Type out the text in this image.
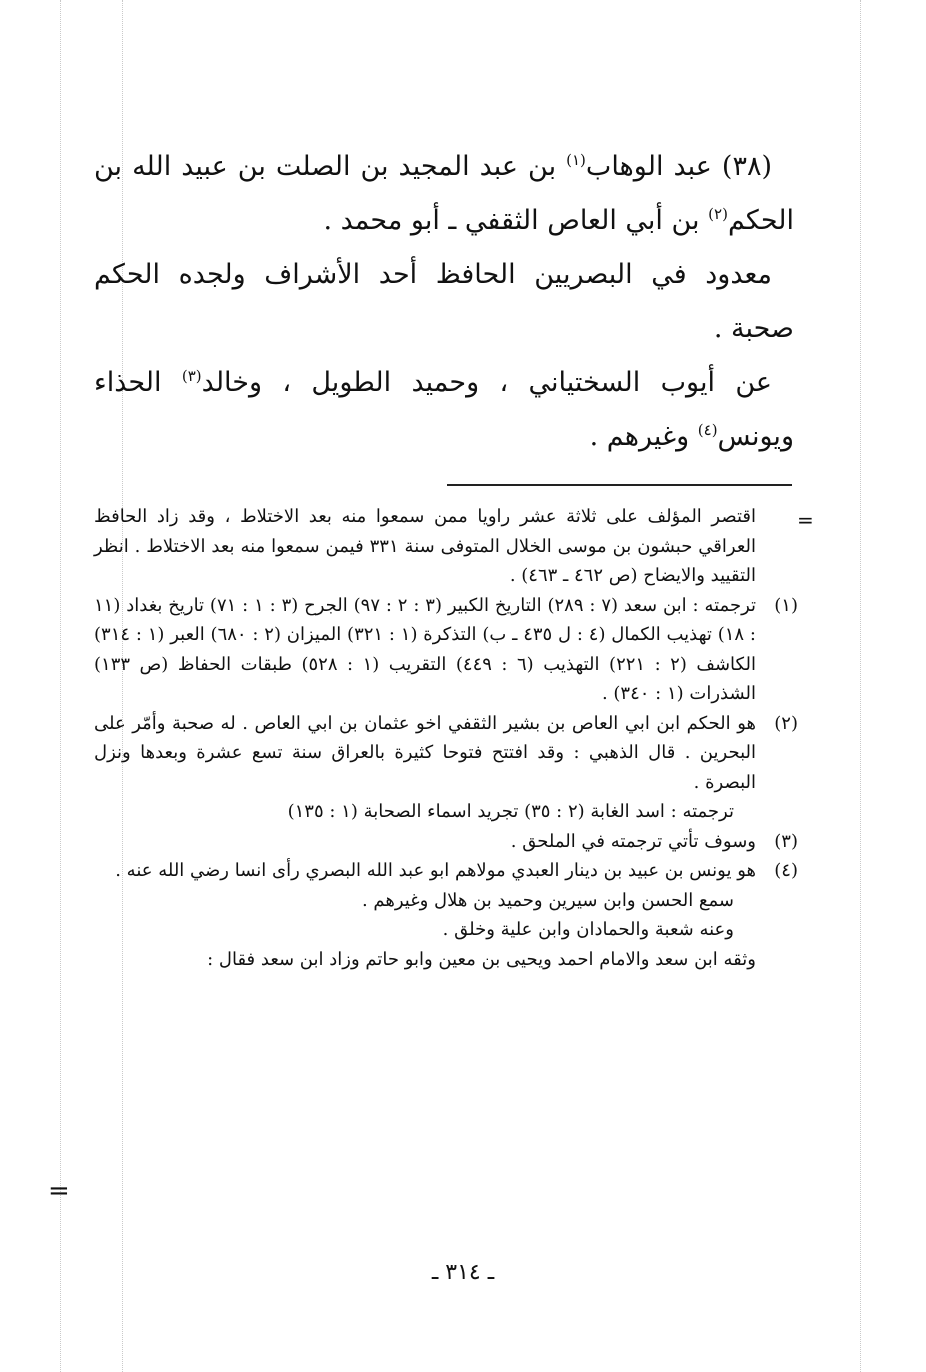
(٣٨) عبد الوهاب$^{(١)}$ بن عبد المجيد بن الصلت بن عبيد الله بن الحكم$^{(٢)}$ بن أبي العاص الثقفي ـ أبو محمد .

معدود في البصريين الحافظ أحد الأشراف ولجده الحكم صحبة .

عن أيوب السختياني ، وحميد الطويل ، وخالد$^{(٣)}$ الحذاء ويونس$^{(٤)}$ وغيرهم .

=

اقتصر المؤلف على ثلاثة عشر راويا ممن سمعوا منه بعد الاختلاط ، وقد زاد الحافظ العراقي حبشون بن موسى الخلال المتوفى سنة ٣٣١ فيمن سمعوا منه بعد الاختلاط . انظر التقييد والايضاح (ص ٤٦٢ ـ ٤٦٣) .

(١)
ترجمته : ابن سعد (٧ : ٢٨٩) التاريخ الكبير (٣ : ٢ : ٩٧) الجرح (٣ : ١ : ٧١) تاريخ بغداد (١١ : ١٨) تهذيب الكمال (٤ : ل ٤٣٥ ـ ب) التذكرة (١ : ٣٢١) الميزان (٢ : ٦٨٠) العبر (١ : ٣١٤) الكاشف (٢ : ٢٢١) التهذيب (٦ : ٤٤٩) التقريب (١ : ٥٢٨) طبقات الحفاظ (ص ١٣٣) الشذرات (١ : ٣٤٠) .

(٢)
هو الحكم ابن ابي العاص بن بشير الثقفي اخو عثمان بن ابي العاص . له صحبة وأمّر على البحرين . قال الذهبي : وقد افتتح فتوحا كثيرة بالعراق سنة تسع عشرة وبعدها ونزل البصرة .

ترجمته : اسد الغابة (٢ : ٣٥) تجريد اسماء الصحابة (١ : ١٣٥)

(٣)
وسوف تأتي ترجمته في الملحق .

(٤)
هو يونس بن عبيد بن دينار العبدي مولاهم ابو عبد الله البصري رأى انسا رضي الله عنه .

سمع الحسن وابن سيرين وحميد بن هلال وغيرهم .

وعنه شعبة والحمادان وابن علية وخلق .

وثقه ابن سعد والامام احمد ويحيى بن معين وابو حاتم وزاد ابن سعد فقال :

=
ـ ٣١٤ ـ
